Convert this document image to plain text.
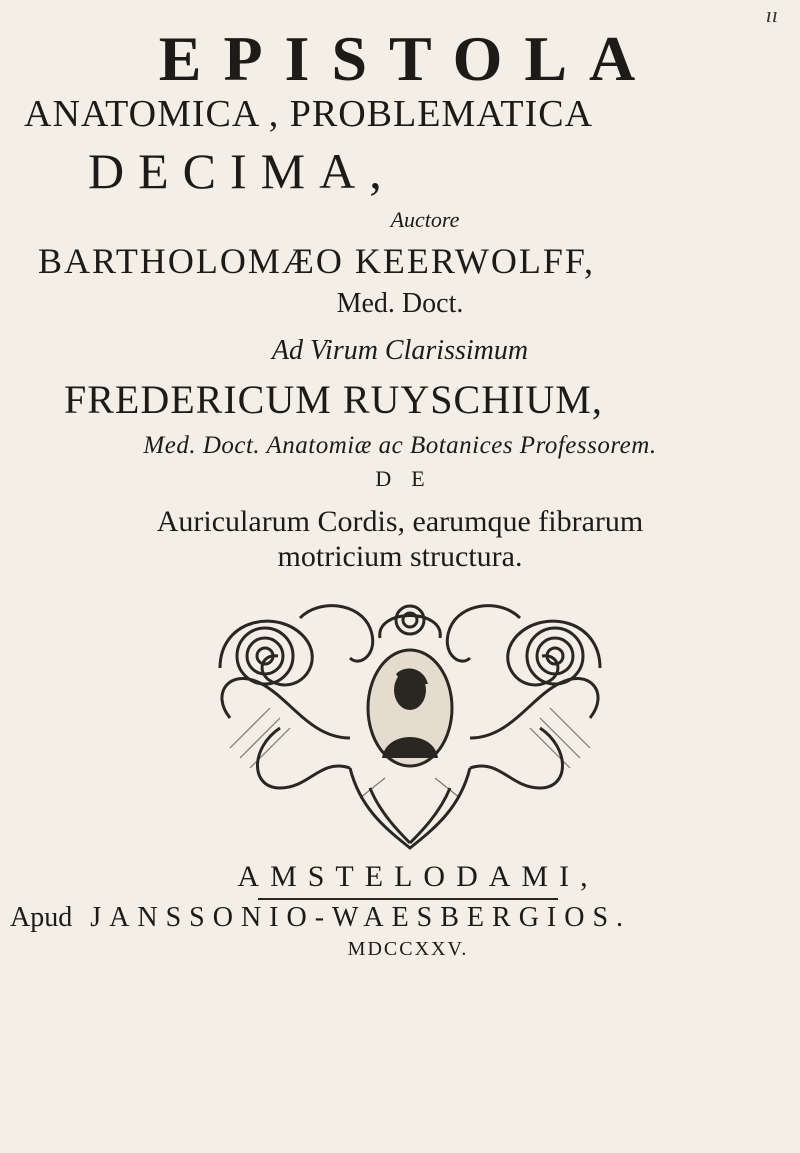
ıı
EPISTOLA
ANATOMICA , PROBLEMATICA
DECIMA,
Auctore
BARTHOLOMÆO KEERWOLFF,
Med. Doct.
Ad Virum Clarissimum
FREDERICUM RUYSCHIUM,
Med. Doct. Anatomiæ ac Botanices Professorem.
DE
Auricularum Cordis, earumque fibrarum
motricium structura.
AMSTELODAMI,
Apud JANSSONIO-WAESBERGIOS.
MDCCXXV.
